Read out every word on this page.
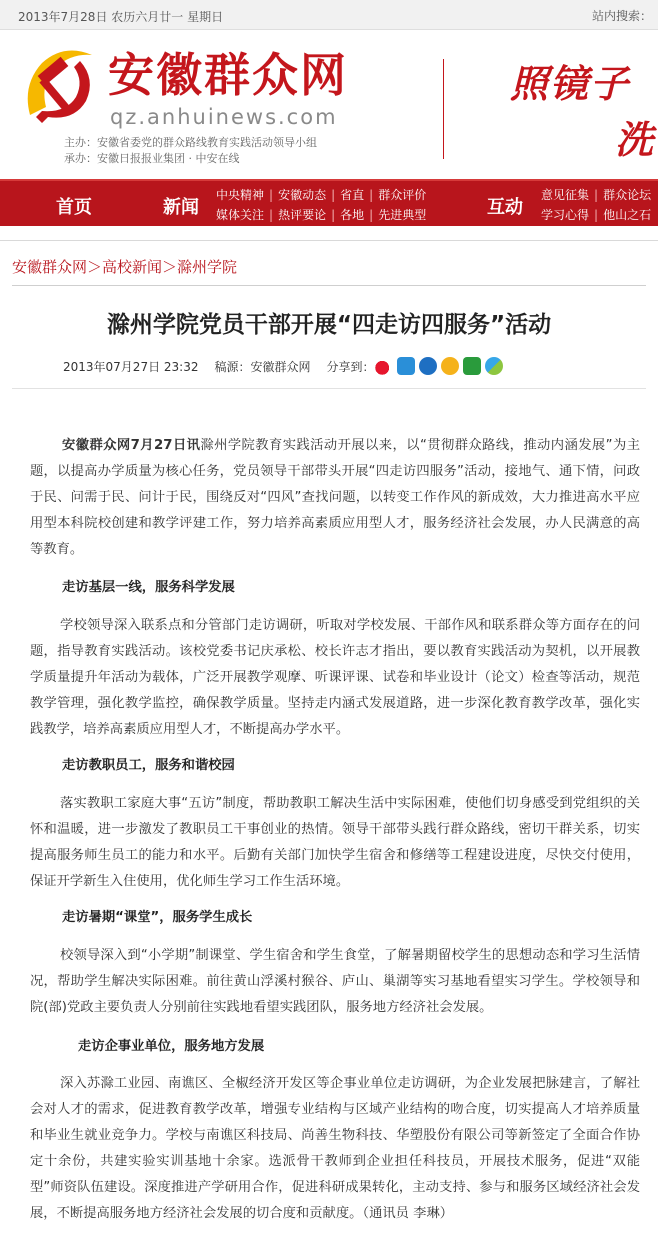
2013年7月28日 农历六月廿一 星期日	站内搜索：
安徽群众网
qz.anhuinews.com
主办：安徽省委党的群众路线教育实践活动领导小组
承办：安徽日报报业集团 · 中安在线
照镜子
洗
首页	新闻
中央精神 | 安徽动态 | 省直 | 群众评价
媒体关注 | 热评要论 | 各地 | 先进典型	互动
意见征集 | 群众论坛
学习心得 | 他山之石
安徽群众网＞高校新闻＞滁州学院
滁州学院党员干部开展“四走访四服务”活动
2013年07月27日 23:32 稿源：安徽群众网 分享到：
安徽群众网7月27日讯滁州学院教育实践活动开展以来，以“贯彻群众路线，推动内涵发展”为主题，以提高办学质量为核心任务，党员领导干部带头开展“四走访四服务”活动，接地气、通下情，问政于民、问需于民、问计于民，围绕反对“四风”查找问题，以转变工作作风的新成效，大力推进高水平应用型本科院校创建和教学评建工作，努力培养高素质应用型人才，服务经济社会发展，办人民满意的高等教育。
走访基层一线，服务科学发展
学校领导深入联系点和分管部门走访调研，听取对学校发展、干部作风和联系群众等方面存在的问题，指导教育实践活动。该校党委书记庆承松、校长许志才指出，要以教育实践活动为契机，以开展教学质量提升年活动为载体，广泛开展教学观摩、听课评课、试卷和毕业设计（论文）检查等活动，规范教学管理，强化教学监控，确保教学质量。坚持走内涵式发展道路，进一步深化教育教学改革，强化实践教学，培养高素质应用型人才，不断提高办学水平。
走访教职员工，服务和谐校园
落实教职工家庭大事“五访”制度，帮助教职工解决生活中实际困难，使他们切身感受到党组织的关怀和温暖，进一步激发了教职员工干事创业的热情。领导干部带头践行群众路线，密切干群关系，切实提高服务师生员工的能力和水平。后勤有关部门加快学生宿舍和修缮等工程建设进度，尽快交付使用，保证开学新生入住使用，优化师生学习工作生活环境。
走访暑期“课堂”，服务学生成长
校领导深入到“小学期”制课堂、学生宿舍和学生食堂，了解暑期留校学生的思想动态和学习生活情况，帮助学生解决实际困难。前往黄山浮溪村猴谷、庐山、巢湖等实习基地看望实习学生。学校领导和院(部)党政主要负责人分别前往实践地看望实践团队，服务地方经济社会发展。
走访企事业单位，服务地方发展
深入苏滁工业园、南谯区、全椒经济开发区等企事业单位走访调研，为企业发展把脉建言，了解社会对人才的需求，促进教育教学改革，增强专业结构与区域产业结构的吻合度，切实提高人才培养质量和毕业生就业竞争力。学校与南谯区科技局、尚善生物科技、华塑股份有限公司等新签定了全面合作协定十余份，共建实验实训基地十余家。选派骨干教师到企业担任科技员，开展技术服务，促进“双能型”师资队伍建设。深度推进产学研用合作，促进科研成果转化，主动支持、参与和服务区域经济社会发展，不断提高服务地方经济社会发展的切合度和贡献度。（通讯员 李琳）
